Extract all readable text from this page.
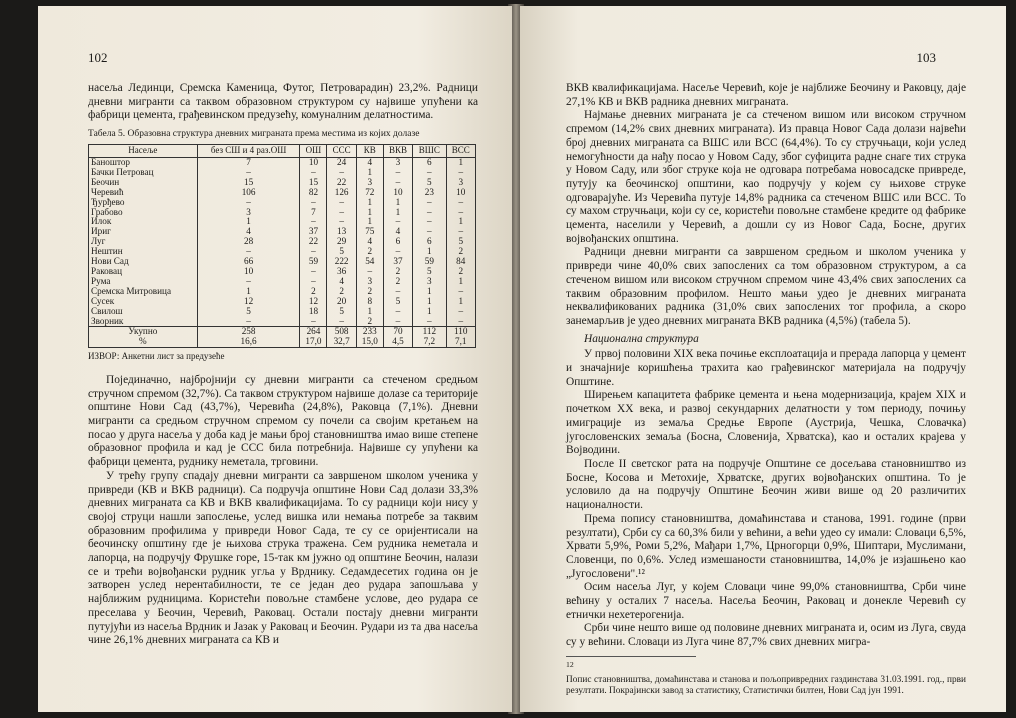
102

насеља Лединци, Сремска Каменица, Футог, Петроварадин) 23,2%. Радници дневни мигранти са таквом образовном структуром су највише упућени ка фабрици цемента, грађевинском предузећу, комуналним делатностима.

Табела 5. Образовна структура дневних миграната према местима из којих долазе

Насеље	без СШ и 4 раз.ОШ	ОШ	ССС	КВ	ВКВ	ВШС	ВСС
Баноштор	7	10	24	4	3	6	1
Бачки Петровац	–	–	–	1	–	–	–
Беочин	15	15	22	3	–	5	3
Черевић	106	82	126	72	10	23	10
Ђурђево	–	–	–	1	1	–	–
Грабово	3	7	–	1	1	–	–
Илок	1	–	–	1	–	–	1
Ириг	4	37	13	75	4	–	–
Луг	28	22	29	4	6	6	5
Нештин	–	–	5	2	–	1	2
Нови Сад	66	59	222	54	37	59	84
Раковац	10	–	36	–	2	5	2
Рума	–	–	4	3	2	3	1
Сремска Митровица	1	2	2	2	–	1	–
Сусек	12	12	20	8	5	1	1
Свилош	5	18	5	1	–	1	–
Зворник	–	–	–	2	–	–	–
Укупно	258	264	508	233	70	112	110
%	16,6	17,0	32,7	15,0	4,5	7,2	7,1

ИЗВОР: Анкетни лист за предузеће

Појединачно, најбројнији су дневни мигранти са стеченом средњом стручном спремом (32,7%). Са таквом структуром највише долазе са територије општине Нови Сад (43,7%), Черевића (24,8%), Раковца (7,1%). Дневни мигранти са средњом стручном спремом су почели са својим кретањем на посао у друга насеља у доба кад је мањи број становништва имао више степене образовног профила и кад је ССС била потребнија. Највише су упућени ка фабрици цемента, руднику неметала, трговини.

У трећу групу спадају дневни мигранти са завршеном школом ученика у привреди (КВ и ВКВ радници). Са подручја општине Нови Сад долази 33,3% дневних миграната са КВ и ВКВ квалификацијама. То су радници који нису у својој струци нашли запослење, услед вишка или немања потребе за таквим образовним профилима у привреди Новог Сада, те су се оријентисали на беочинску општину где је њихова струка тражена. Сем рудника неметала и лапорца, на подручју Фрушке горе, 15-так км јужно од општине Беочин, налази се и трећи војвођански рудник угља у Врднику. Седамдесетих година он је затворен услед нерентабилности, те се један део рудара запошљава у најближим рудницима. Користећи повољне стамбене услове, део рудара се преселава у Беочин, Черевић, Раковац. Остали постају дневни мигранти путујући из насеља Врдник и Јазак у Раковац и Беочин. Рудари из та два насеља чине 26,1% дневних миграната са КВ и

103

ВКВ квалификацијама. Насеље Черевић, које је најближе Беочину и Раковцу, даје 27,1% КВ и ВКВ радника дневних миграната.

Најмање дневних миграната је са стеченом вишом или високом стручном спремом (14,2% свих дневних миграната). Из правца Новог Сада долази највећи број дневних миграната са ВШС или ВСС (64,4%). То су стручњаци, који услед немогућности да нађу посао у Новом Саду, због суфицита радне снаге тих струка у Новом Саду, или због струке која не одговара потребама новосадске привреде, путују ка беочинској општини, као подручју у којем су њихове струке одговарајуће. Из Черевића путује 14,8% радника са стеченом ВШС или ВСС. То су махом стручњаци, који су се, користећи повољне стамбене кредите од фабрике цемента, населили у Черевић, а дошли су из Новог Сада, Босне, других војвођанских општина.

Радници дневни мигранти са завршеном средњом и школом ученика у привреди чине 40,0% свих запослених са том образовном структуром, а са стеченом вишом или високом стручном спремом чине 43,4% свих запослених са таквим образовним профилом. Нешто мањи удео је дневних миграната неквалификованих радника (31,0% свих запослених тог профила, а скоро занемарљив је удео дневних миграната ВКВ радника (4,5%) (табела 5).

Национална структура

У првој половини XIX века почиње експлоатација и прерада лапорца у цемент и значајније коришћења трахита као грађевинског материјала на подручју Општине.

Ширењем капацитета фабрике цемента и њена модернизација, крајем XIX и почетком XX века, и развој секундарних делатности у том периоду, почињу имиграције из земаља Средње Европе (Аустрија, Чешка, Словачка) југословенских земаља (Босна, Словенија, Хрватска), као и осталих крајева у Војводини.

После II светског рата на подручје Општине се досељава становништво из Босне, Косова и Метохије, Хрватске, других војвођанских општина. То је условило да на подручју Општине Беочин живи више од 20 различитих националности.

Према попису становништва, домаћинстава и станова, 1991. године (први резултати), Срби су са 60,3% били у већини, а већи удео су имали: Словаци 6,5%, Хрвати 5,9%, Роми 5,2%, Мађари 1,7%, Црногорци 0,9%, Шиптари, Муслимани, Словенци, по 0,6%. Услед измешаности становништва, 14,0% је изјашњено као „Југословени".¹²

Осим насеља Луг, у којем Словаци чине 99,0% становништва, Срби чине већину у осталих 7 насеља. Насеља Беочин, Раковац и донекле Черевић су етнички нехетерогенија.

Срби чине нешто више од половине дневних миграната и, осим из Луга, свуда су у већини. Словаци из Луга чине 87,7% свих дневних мигра-

$^{12}$

Попис становништва, домаћинстава и станова и пољопривредних газдинстава 31.03.1991. год., први резултати. Покрајински завод за статистику, Статистички билтен, Нови Сад јун 1991.
